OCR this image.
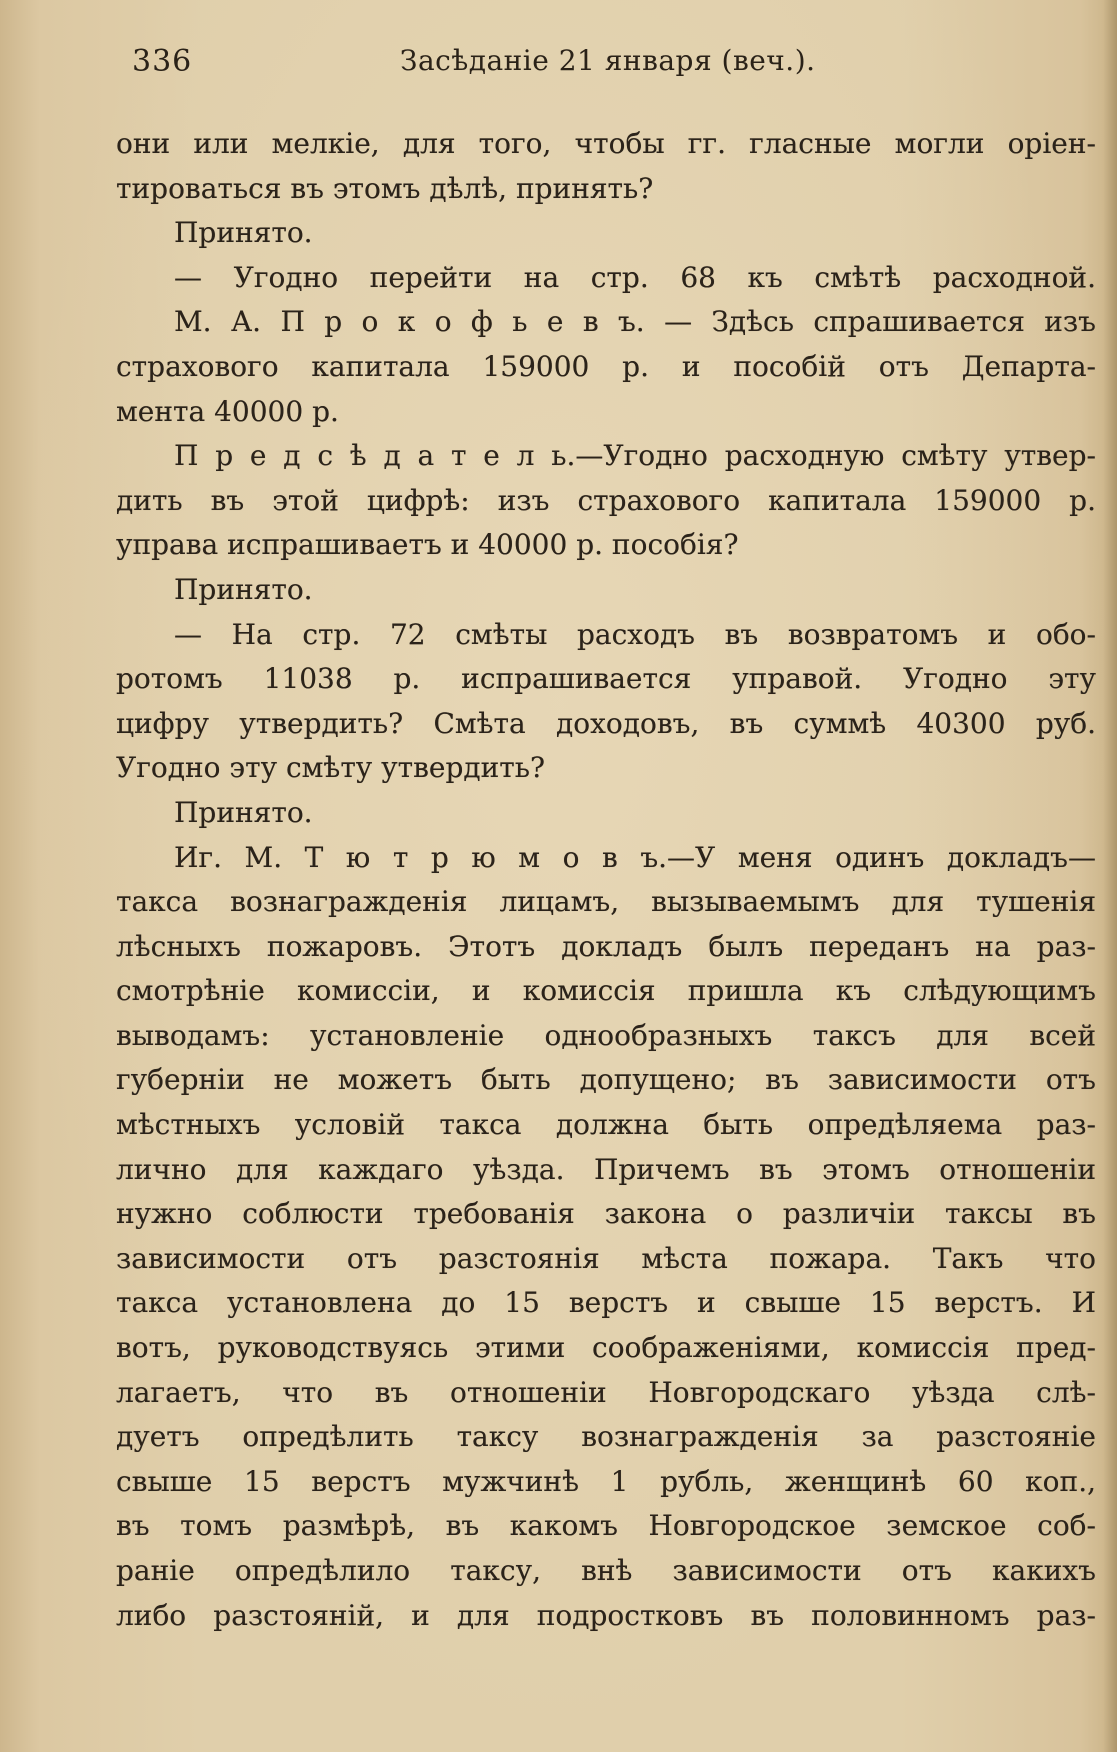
336	Засѣданіе 21 января (веч.).
они или мелкіе, для того, чтобы гг. гласные могли оріен-
тироваться въ этомъ дѣлѣ, принять?
Принято.
— Угодно перейти на стр. 68 къ смѣтѣ расходной.
М. А. П р о к о ф ь е в ъ. — Здѣсь спрашивается изъ
страхового капитала 159000 р. и пособій отъ Департа-
мента 40000 р.
П р е д с ѣ д а т е л ь.—Угодно расходную смѣту утвер-
дить въ этой цифрѣ: изъ страхового капитала 159000 р.
управа испрашиваетъ и 40000 р. пособія?
Принято.
— На стр. 72 смѣты расходъ въ возвратомъ и обо-
ротомъ 11038 р. испрашивается управой. Угодно эту
цифру утвердить? Смѣта доходовъ, въ суммѣ 40300 руб.
Угодно эту смѣту утвердить?
Принято.
Иг. М. Т ю т р ю м о в ъ.—У меня одинъ докладъ—
такса вознагражденія лицамъ, вызываемымъ для тушенія
лѣсныхъ пожаровъ. Этотъ докладъ былъ переданъ на раз-
смотрѣніе комиссіи, и комиссія пришла къ слѣдующимъ
выводамъ: установленіе однообразныхъ таксъ для всей
губерніи не можетъ быть допущено; въ зависимости отъ
мѣстныхъ условій такса должна быть опредѣляема раз-
лично для каждаго уѣзда. Причемъ въ этомъ отношеніи
нужно соблюсти требованія закона о различіи таксы въ
зависимости отъ разстоянія мѣста пожара. Такъ что
такса установлена до 15 верстъ и свыше 15 верстъ. И
вотъ, руководствуясь этими соображеніями, комиссія пред-
лагаетъ, что въ отношеніи Новгородскаго уѣзда слѣ-
дуетъ опредѣлить таксу вознагражденія за разстояніе
свыше 15 верстъ мужчинѣ 1 рубль, женщинѣ 60 коп.,
въ томъ размѣрѣ, въ какомъ Новгородское земское соб-
раніе опредѣлило таксу, внѣ зависимости отъ какихъ
либо разстояній, и для подростковъ въ половинномъ раз-
